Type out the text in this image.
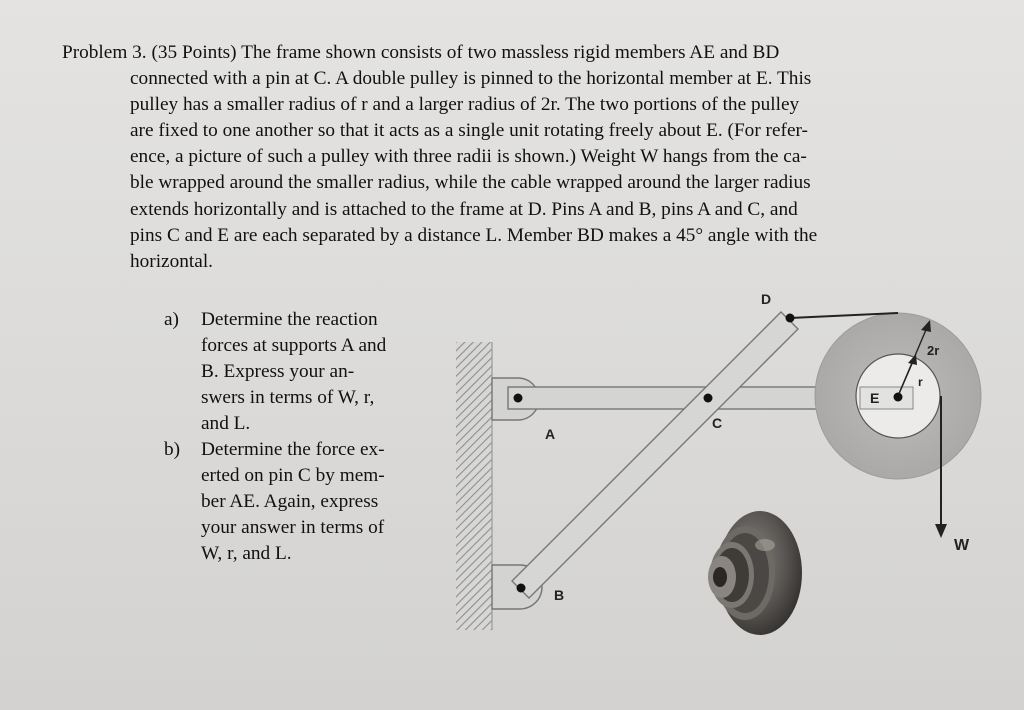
Problem 3. (35 Points) The frame shown consists of two massless rigid members AE and BD
connected with a pin at C. A double pulley is pinned to the horizontal member at E. This
pulley has a smaller radius of r and a larger radius of 2r. The two portions of the pulley
are fixed to one another so that it acts as a single unit rotating freely about E. (For refer-
ence, a picture of such a pulley with three radii is shown.) Weight W hangs from the ca-
ble wrapped around the smaller radius, while the cable wrapped around the larger radius
extends horizontally and is attached to the frame at D. Pins A and B, pins A and C, and
pins C and E are each separated by a distance L. Member BD makes a 45° angle with the
horizontal.
a) Determine the reaction
forces at supports A and
B. Express your an-
swers in terms of W, r,
and L.
b) Determine the force ex-
erted on pin C by mem-
ber AE. Again, express
your answer in terms of
W, r, and L.
A
B
C
D
E
2r
r
W
